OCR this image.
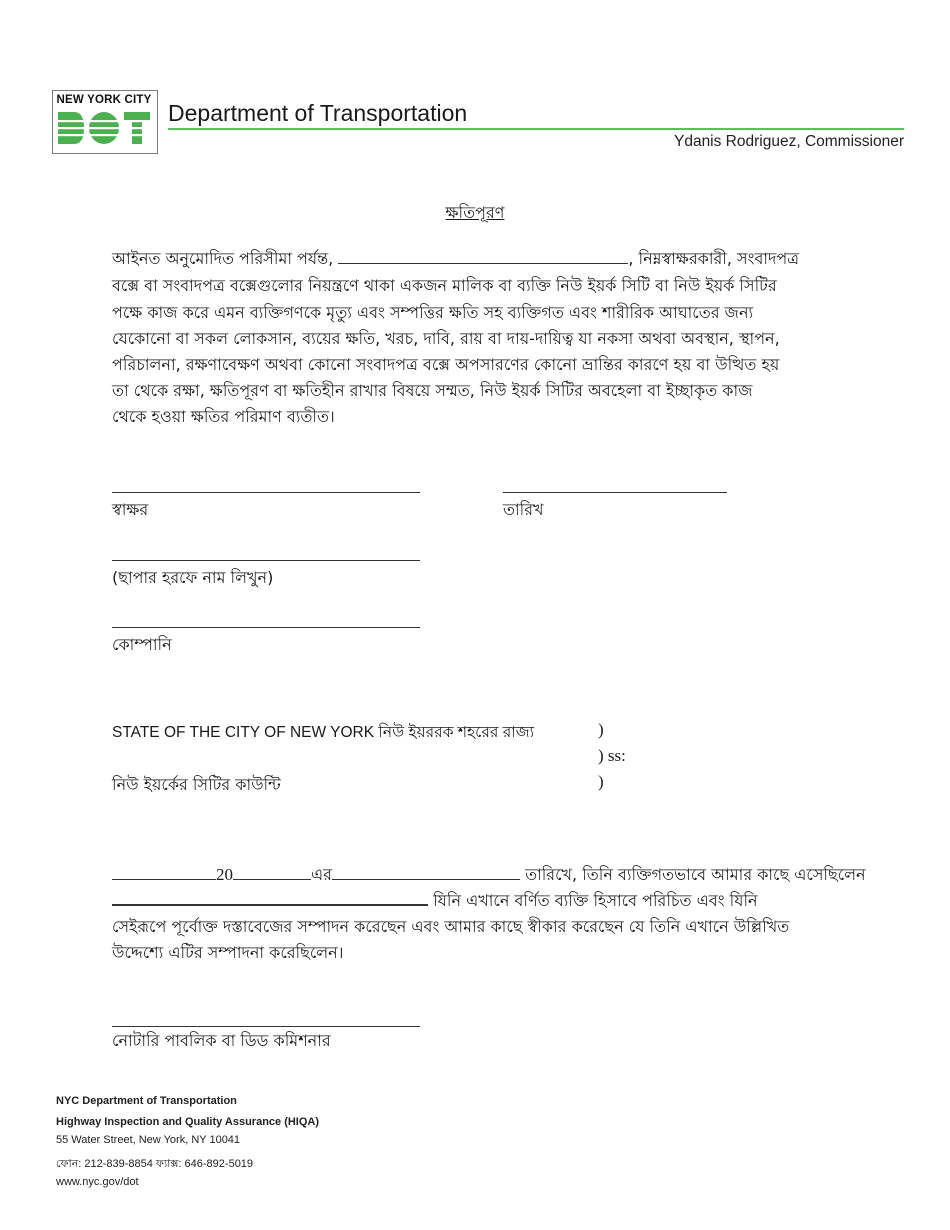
NEW YORK CITY Department of Transportation
Ydanis Rodriguez, Commissioner
ক্ষতিপূরণ
আইনত অনুমোদিত পরিসীমা পর্যন্ত,	, নিম্নস্বাক্ষরকারী, সংবাদপত্র
বক্সে বা সংবাদপত্র বক্সেগুলোর নিয়ন্ত্রণে থাকা একজন মালিক বা ব্যক্তি নিউ ইয়র্ক সিটি বা নিউ ইয়র্ক সিটির
পক্ষে কাজ করে এমন ব্যক্তিগণকে মৃত্যু এবং সম্পত্তির ক্ষতি সহ ব্যক্তিগত এবং শারীরিক আঘাতের জন্য
যেকোনো বা সকল লোকসান, ব্যয়ের ক্ষতি, খরচ, দাবি, রায় বা দায়-দায়িত্ব যা নকসা অথবা অবস্থান, স্থাপন,
পরিচালনা, রক্ষণাবেক্ষণ অথবা কোনো সংবাদপত্র বক্সে অপসারণের কোনো ভ্রান্তির কারণে হয় বা উত্থিত হয়
তা থেকে রক্ষা, ক্ষতিপূরণ বা ক্ষতিহীন রাখার বিষয়ে সম্মত, নিউ ইয়র্ক সিটির অবহেলা বা ইচ্ছাকৃত কাজ
থেকে হওয়া ক্ষতির পরিমাণ ব্যতীত।
স্বাক্ষর	তারিখ
(ছাপার হরফে নাম লিখুন)
কোম্পানি
STATE OF THE CITY OF NEW YORK নিউ ইয়ররক শহরের রাজ্য	)
) ss:
নিউ ইয়র্কের সিটির কাউন্টি	)
20	এর	তারিখে, তিনি ব্যক্তিগতভাবে আমার কাছে এসেছিলেন
যিনি এখানে বর্ণিত ব্যক্তি হিসাবে পরিচিত এবং যিনি
সেইরূপে পূর্বোক্ত দস্তাবেজের সম্পাদন করেছেন এবং আমার কাছে স্বীকার করেছেন যে তিনি এখানে উল্লিখিত
উদ্দেশ্যে এটির সম্পাদনা করেছিলেন।
নোটারি পাবলিক বা ডিড কমিশনার
NYC Department of Transportation
Highway Inspection and Quality Assurance (HIQA)
55 Water Street, New York, NY 10041
ফোন: 212-839-8854 ফ্যাক্স: 646-892-5019
www.nyc.gov/dot
